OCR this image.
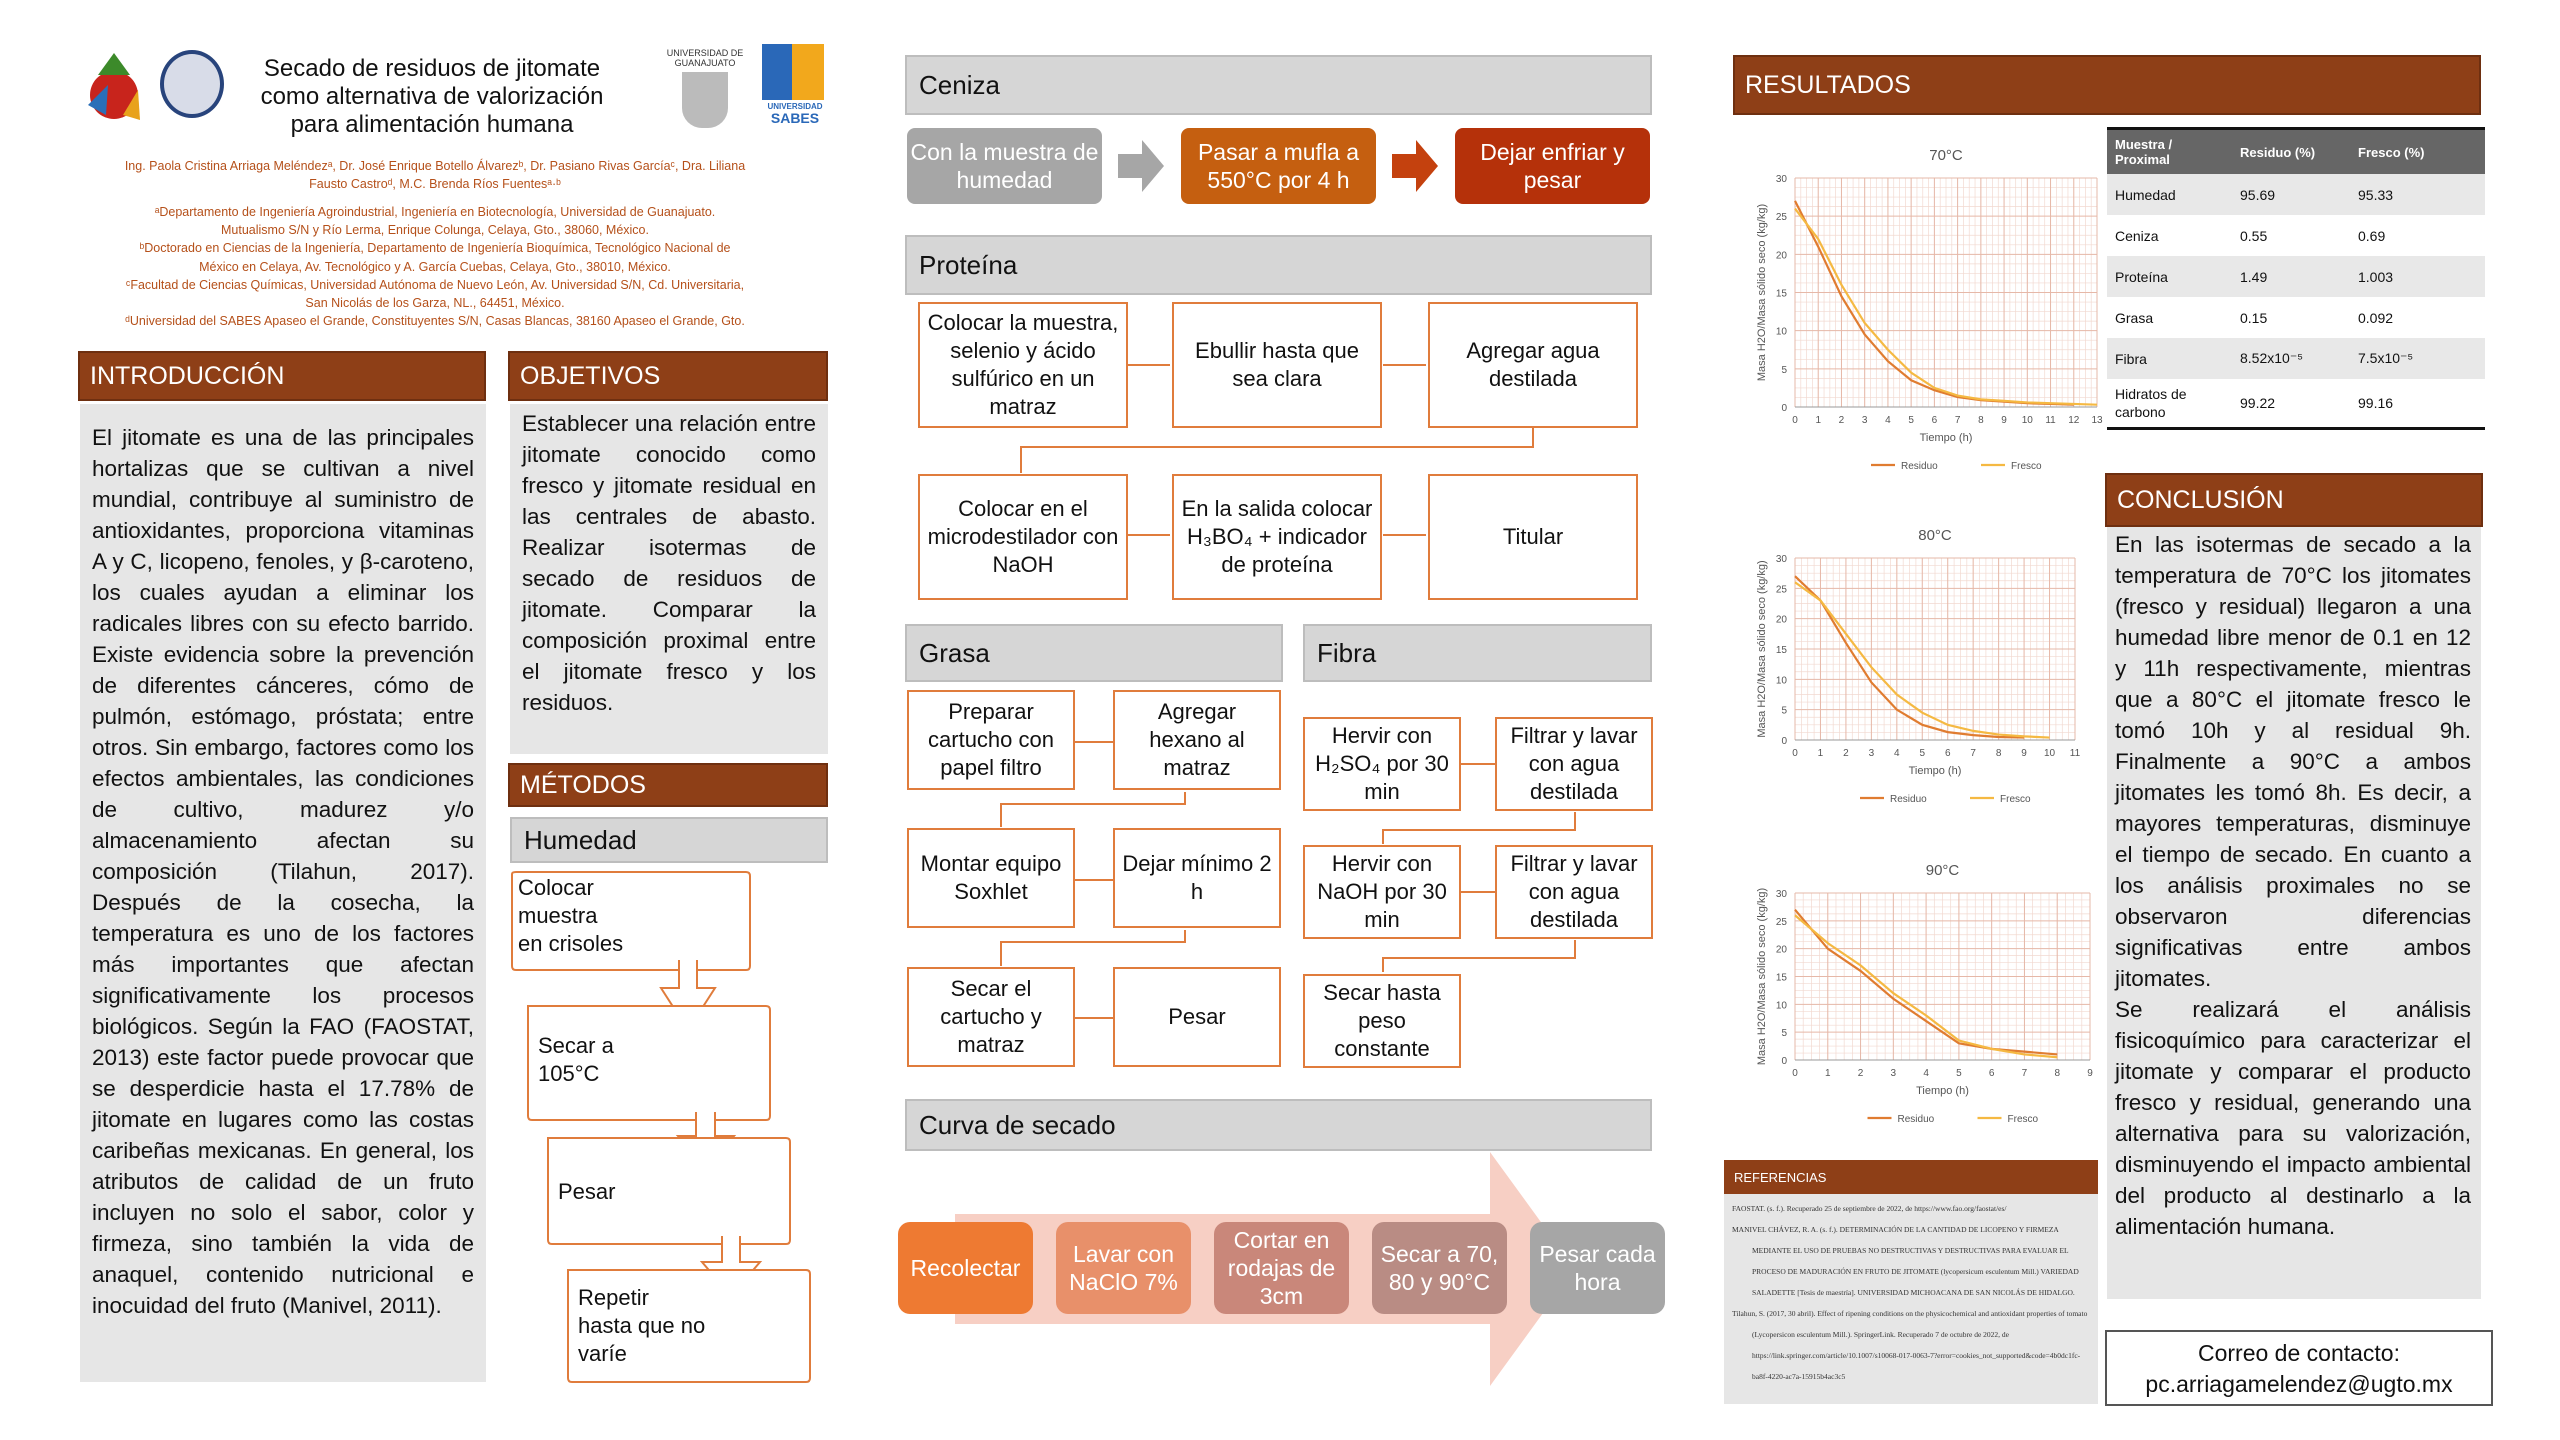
Secado de residuos de jitomate
como alternativa de valorización
para alimentación humana
UNIVERSIDAD DE
GUANAJUATO
UNIVERSIDAD
SABES
Ing. Paola Cristina Arriaga Meléndezᵃ, Dr. José Enrique Botello Álvarezᵇ, Dr. Pasiano Rivas Garcíaᶜ, Dra. Liliana
Fausto Castroᵈ, M.C. Brenda Ríos Fuentesᵃ·ᵇ
ᵃDepartamento de Ingeniería Agroindustrial, Ingeniería en Biotecnología, Universidad de Guanajuato.
Mutualismo S/N y Río Lerma, Enrique Colunga, Celaya, Gto., 38060, México.
ᵇDoctorado en Ciencias de la Ingeniería, Departamento de Ingeniería Bioquímica, Tecnológico Nacional de
México en Celaya, Av. Tecnológico y A. García Cuebas, Celaya, Gto., 38010, México.
ᶜFacultad de Ciencias Químicas, Universidad Autónoma de Nuevo León, Av. Universidad S/N, Cd. Universitaria,
San Nicolás de los Garza, NL., 64451, México.
ᵈUniversidad del SABES Apaseo el Grande, Constituyentes S/N, Casas Blancas, 38160 Apaseo el Grande, Gto.
INTRODUCCIÓN

El jitomate es una de las principales hortalizas que se cultivan a nivel mundial, contribuye al suministro de antioxidantes, proporciona vitaminas A y C, licopeno, fenoles, y β-caroteno, los cuales ayudan a eliminar los radicales libres con su efecto barrido. Existe evidencia sobre la prevención de diferentes cánceres, cómo de pulmón, estómago, próstata; entre otros. Sin embargo, factores como los efectos ambientales, las condiciones de cultivo, madurez y/o almacenamiento afectan su composición (Tilahun, 2017). Después de la cosecha, la temperatura es uno de los factores más importantes que afectan significativamente los procesos biológicos. Según la FAO (FAOSTAT, 2013) este factor puede provocar que se desperdicie hasta el 17.78% de jitomate en lugares como las costas caribeñas mexicanas. En general, los atributos de calidad de un fruto incluyen no solo el sabor, color y firmeza, sino también la vida de anaquel, contenido nutricional e inocuidad del fruto (Manivel, 2011).

OBJETIVOS

Establecer una relación entre jitomate conocido como fresco y jitomate residual en las centrales de abasto. Realizar isotermas de secado de residuos de jitomate. Comparar la composición proximal entre el jitomate fresco y los residuos.

MÉTODOS
Humedad
Colocar muestra en crisoles
Secar a 105°C
Pesar
Repetir hasta que no varíe
Ceniza
Con la muestra de humedad
Pasar a mufla a 550°C por 4 h
Dejar enfriar y pesar
Proteína
Colocar la muestra, selenio y ácido sulfúrico en un matraz
Ebullir hasta que sea clara
Agregar agua destilada
Colocar en el microdestilador con NaOH
En la salida colocar H₃BO₄ + indicador de proteína
Titular
Grasa
Preparar cartucho con papel filtro
Agregar hexano al matraz
Montar equipo Soxhlet
Dejar mínimo 2 h
Secar el cartucho y matraz
Pesar
Fibra
Hervir con H₂SO₄ por 30 min
Filtrar y lavar con agua destilada
Hervir con NaOH por 30 min
Filtrar y lavar con agua destilada
Secar hasta peso constante
Curva de secado
Recolectar
Lavar con NaClO 7%
Cortar en rodajas de 3cm
Secar a 70, 80 y 90°C
Pesar cada hora
RESULTADOS
70°C
0
5
10
15
20
25
30
0 1 2 3 4 5 6 7 8 9 10 11 12 13
Tiempo (h)
Masa H2O/Masa sólido seco (kg/kg)
Residuo	Fresco
80°C
0
5
10
15
20
25
30
0 1 2 3 4 5 6 7 8 9 10 11
Tiempo (h)
Masa H2O/Masa sólido seco (kg/kg)
Residuo	Fresco
90°C
0
5
10
15
20
25
30
0	1	2	3	4	5	6	7	8	9
Tiempo (h)
Masa H2O/Masa sólido seco (kg/kg)
Residuo	Fresco
Muestra / Proximal	Residuo (%)	Fresco (%)
Humedad	95.69	95.33
Ceniza	0.55	0.69
Proteína	1.49	1.003
Grasa	0.15	0.092
Fibra	8.52x10⁻⁵	7.5x10⁻⁵
Hidratos de carbono	99.22	99.16
CONCLUSIÓN

En las isotermas de secado a la temperatura de 70°C los jitomates (fresco y residual) llegaron a una humedad libre menor de 0.1 en 12 y 11h respectivamente, mientras que a 80°C el jitomate fresco le tomó 10h y al residual 9h. Finalmente a 90°C a ambos jitomates les tomó 8h. Es decir, a mayores temperaturas, disminuye el tiempo de secado. En cuanto a los análisis proximales no se observaron diferencias significativas entre ambos jitomates.
Se realizará el análisis fisicoquímico para caracterizar el jitomate y comparar el producto fresco y residual, generando una alternativa para su valorización, disminuyendo el impacto ambiental del producto al destinarlo a la alimentación humana.

REFERENCIAS

FAOSTAT. (s. f.). Recuperado 25 de septiembre de 2022, de https://www.fao.org/faostat/es/

MANIVEL CHÁVEZ, R. A. (s. f.). DETERMINACIÓN DE LA CANTIDAD DE LICOPENO Y FIRMEZA MEDIANTE EL USO DE PRUEBAS NO DESTRUCTIVAS Y DESTRUCTIVAS PARA EVALUAR EL PROCESO DE MADURACIÓN EN FRUTO DE JITOMATE (lycopersicum esculentum Mill.) VARIEDAD SALADETTE [Tesis de maestría]. UNIVERSIDAD MICHOACANA DE SAN NICOLÁS DE HIDALGO.

Tilahun, S. (2017, 30 abril). Effect of ripening conditions on the physicochemical and antioxidant properties of tomato (Lycopersicon esculentum Mill.). SpringerLink. Recuperado 7 de octubre de 2022, de https://link.springer.com/article/10.1007/s10068-017-0063-7?error=cookies_not_supported&code=4b0dc1fc-ba8f-4220-ac7a-15915b4ac3c5

Correo de contacto:
pc.arriagamelendez@ugto.mx
